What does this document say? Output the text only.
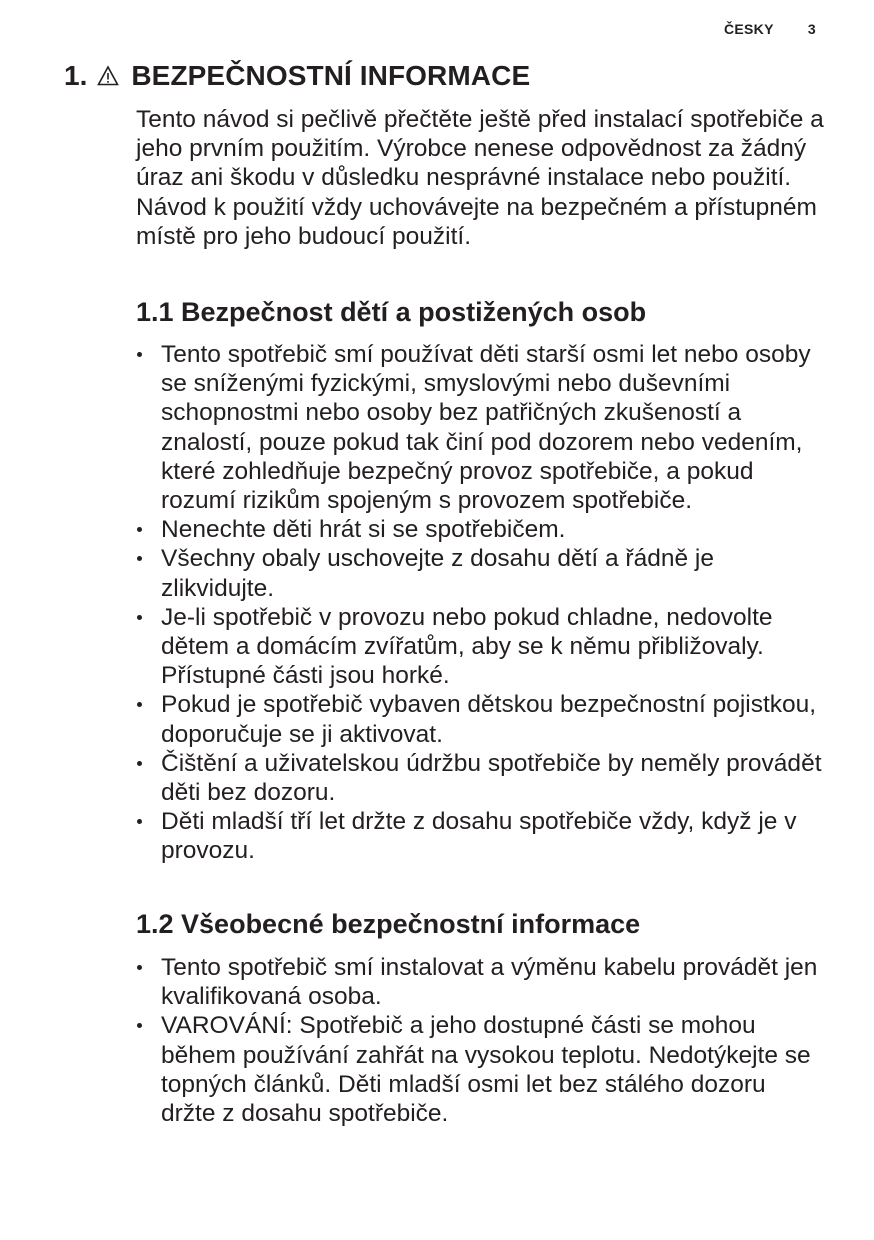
ČESKY 3
1. BEZPEČNOSTNÍ INFORMACE

Tento návod si pečlivě přečtěte ještě před instalací spotřebiče a jeho prvním použitím. Výrobce nenese odpovědnost za žádný úraz ani škodu v důsledku nesprávné instalace nebo použití. Návod k použití vždy uchovávejte na bezpečném a přístupném místě pro jeho budoucí použití.

1.1 Bezpečnost dětí a postižených osob
Tento spotřebič smí používat děti starší osmi let nebo osoby se sníženými fyzickými, smyslovými nebo duševními schopnostmi nebo osoby bez patřičných zkušeností a znalostí, pouze pokud tak činí pod dozorem nebo vedením, které zohledňuje bezpečný provoz spotřebiče, a pokud rozumí rizikům spojeným s provozem spotřebiče.
Nenechte děti hrát si se spotřebičem.
Všechny obaly uschovejte z dosahu dětí a řádně je zlikvidujte.
Je-li spotřebič v provozu nebo pokud chladne, nedovolte dětem a domácím zvířatům, aby se k němu přibližovaly. Přístupné části jsou horké.
Pokud je spotřebič vybaven dětskou bezpečnostní pojistkou, doporučuje se ji aktivovat.
Čištění a uživatelskou údržbu spotřebiče by neměly provádět děti bez dozoru.
Děti mladší tří let držte z dosahu spotřebiče vždy, když je v provozu.
1.2 Všeobecné bezpečnostní informace
Tento spotřebič smí instalovat a výměnu kabelu provádět jen kvalifikovaná osoba.
VAROVÁNÍ: Spotřebič a jeho dostupné části se mohou během používání zahřát na vysokou teplotu. Nedotýkejte se topných článků. Děti mladší osmi let bez stálého dozoru držte z dosahu spotřebiče.
